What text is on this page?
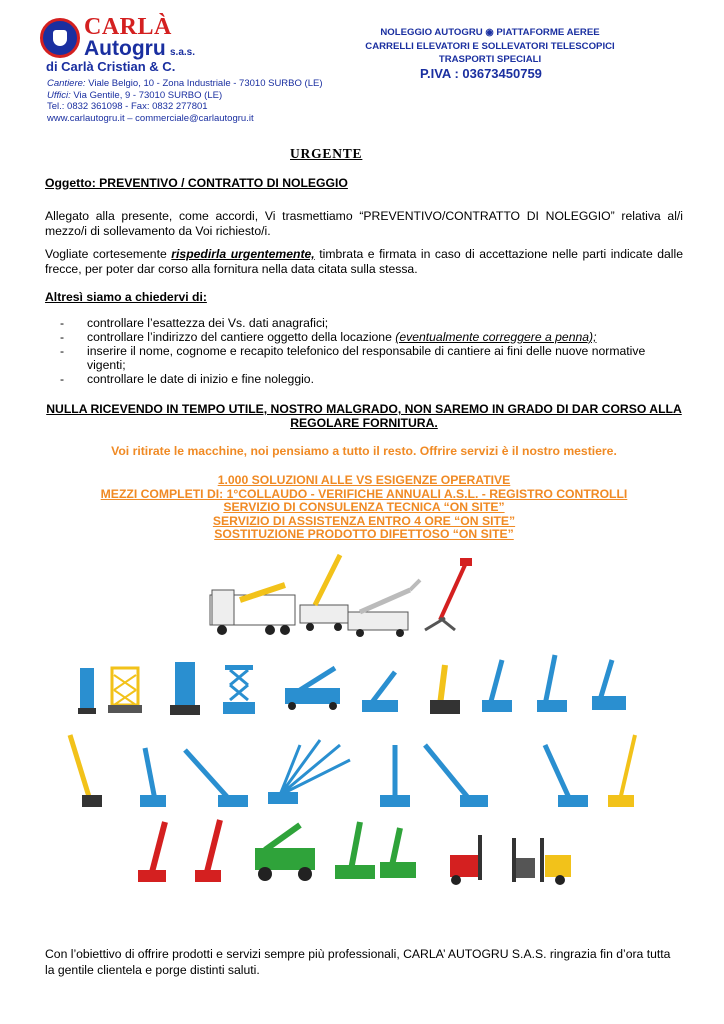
CARLÀ
Autogru s.a.s.
di Carlà Cristian & C.
Cantiere: Viale Belgio, 10 - Zona Industriale - 73010 SURBO (LE)
Uffici: Via Gentile, 9 - 73010 SURBO (LE)
Tel.: 0832 361098 - Fax: 0832 277801
www.carlautogru.it – commerciale@carlautogru.it
NOLEGGIO AUTOGRU ◉ PIATTAFORME AEREE
CARRELLI ELEVATORI E SOLLEVATORI TELESCOPICI
TRASPORTI SPECIALI
P.IVA : 03673450759
URGENTE
Oggetto: PREVENTIVO / CONTRATTO DI NOLEGGIO
Allegato alla presente, come accordi, Vi trasmettiamo “PREVENTIVO/CONTRATTO DI NOLEGGIO” relativa al/i mezzo/i di sollevamento da Voi richiesto/i.
Vogliate cortesemente rispedirla urgentemente, timbrata e firmata in caso di accettazione nelle parti indicate dalle frecce, per poter dar corso alla fornitura nella data citata sulla stessa.
Altresì siamo a chiedervi di:
- controllare l’esattezza dei Vs. dati anagrafici;
- controllare l’indirizzo del cantiere oggetto della locazione (eventualmente correggere a penna);
- inserire il nome, cognome e recapito telefonico del responsabile di cantiere ai fini delle nuove normative vigenti;
- controllare le date di inizio e fine noleggio.
NULLA RICEVENDO IN TEMPO UTILE, NOSTRO MALGRADO, NON SAREMO IN GRADO DI DAR CORSO ALLA REGOLARE FORNITURA.
Voi ritirate le macchine, noi pensiamo a tutto il resto. Offrire servizi è il nostro mestiere.
1.000 SOLUZIONI ALLE VS ESIGENZE OPERATIVE
MEZZI COMPLETI DI: 1°COLLAUDO - VERIFICHE ANNUALI A.S.L. - REGISTRO CONTROLLI
SERVIZIO DI CONSULENZA TECNICA “ON SITE”
SERVIZIO DI ASSISTENZA ENTRO 4 ORE “ON SITE”
SOSTITUZIONE PRODOTTO DIFETTOSO “ON SITE”
Con l’obiettivo di offrire prodotti e servizi sempre più professionali, CARLA’ AUTOGRU S.A.S. ringrazia fin d’ora tutta la gentile clientela e porge distinti saluti.
